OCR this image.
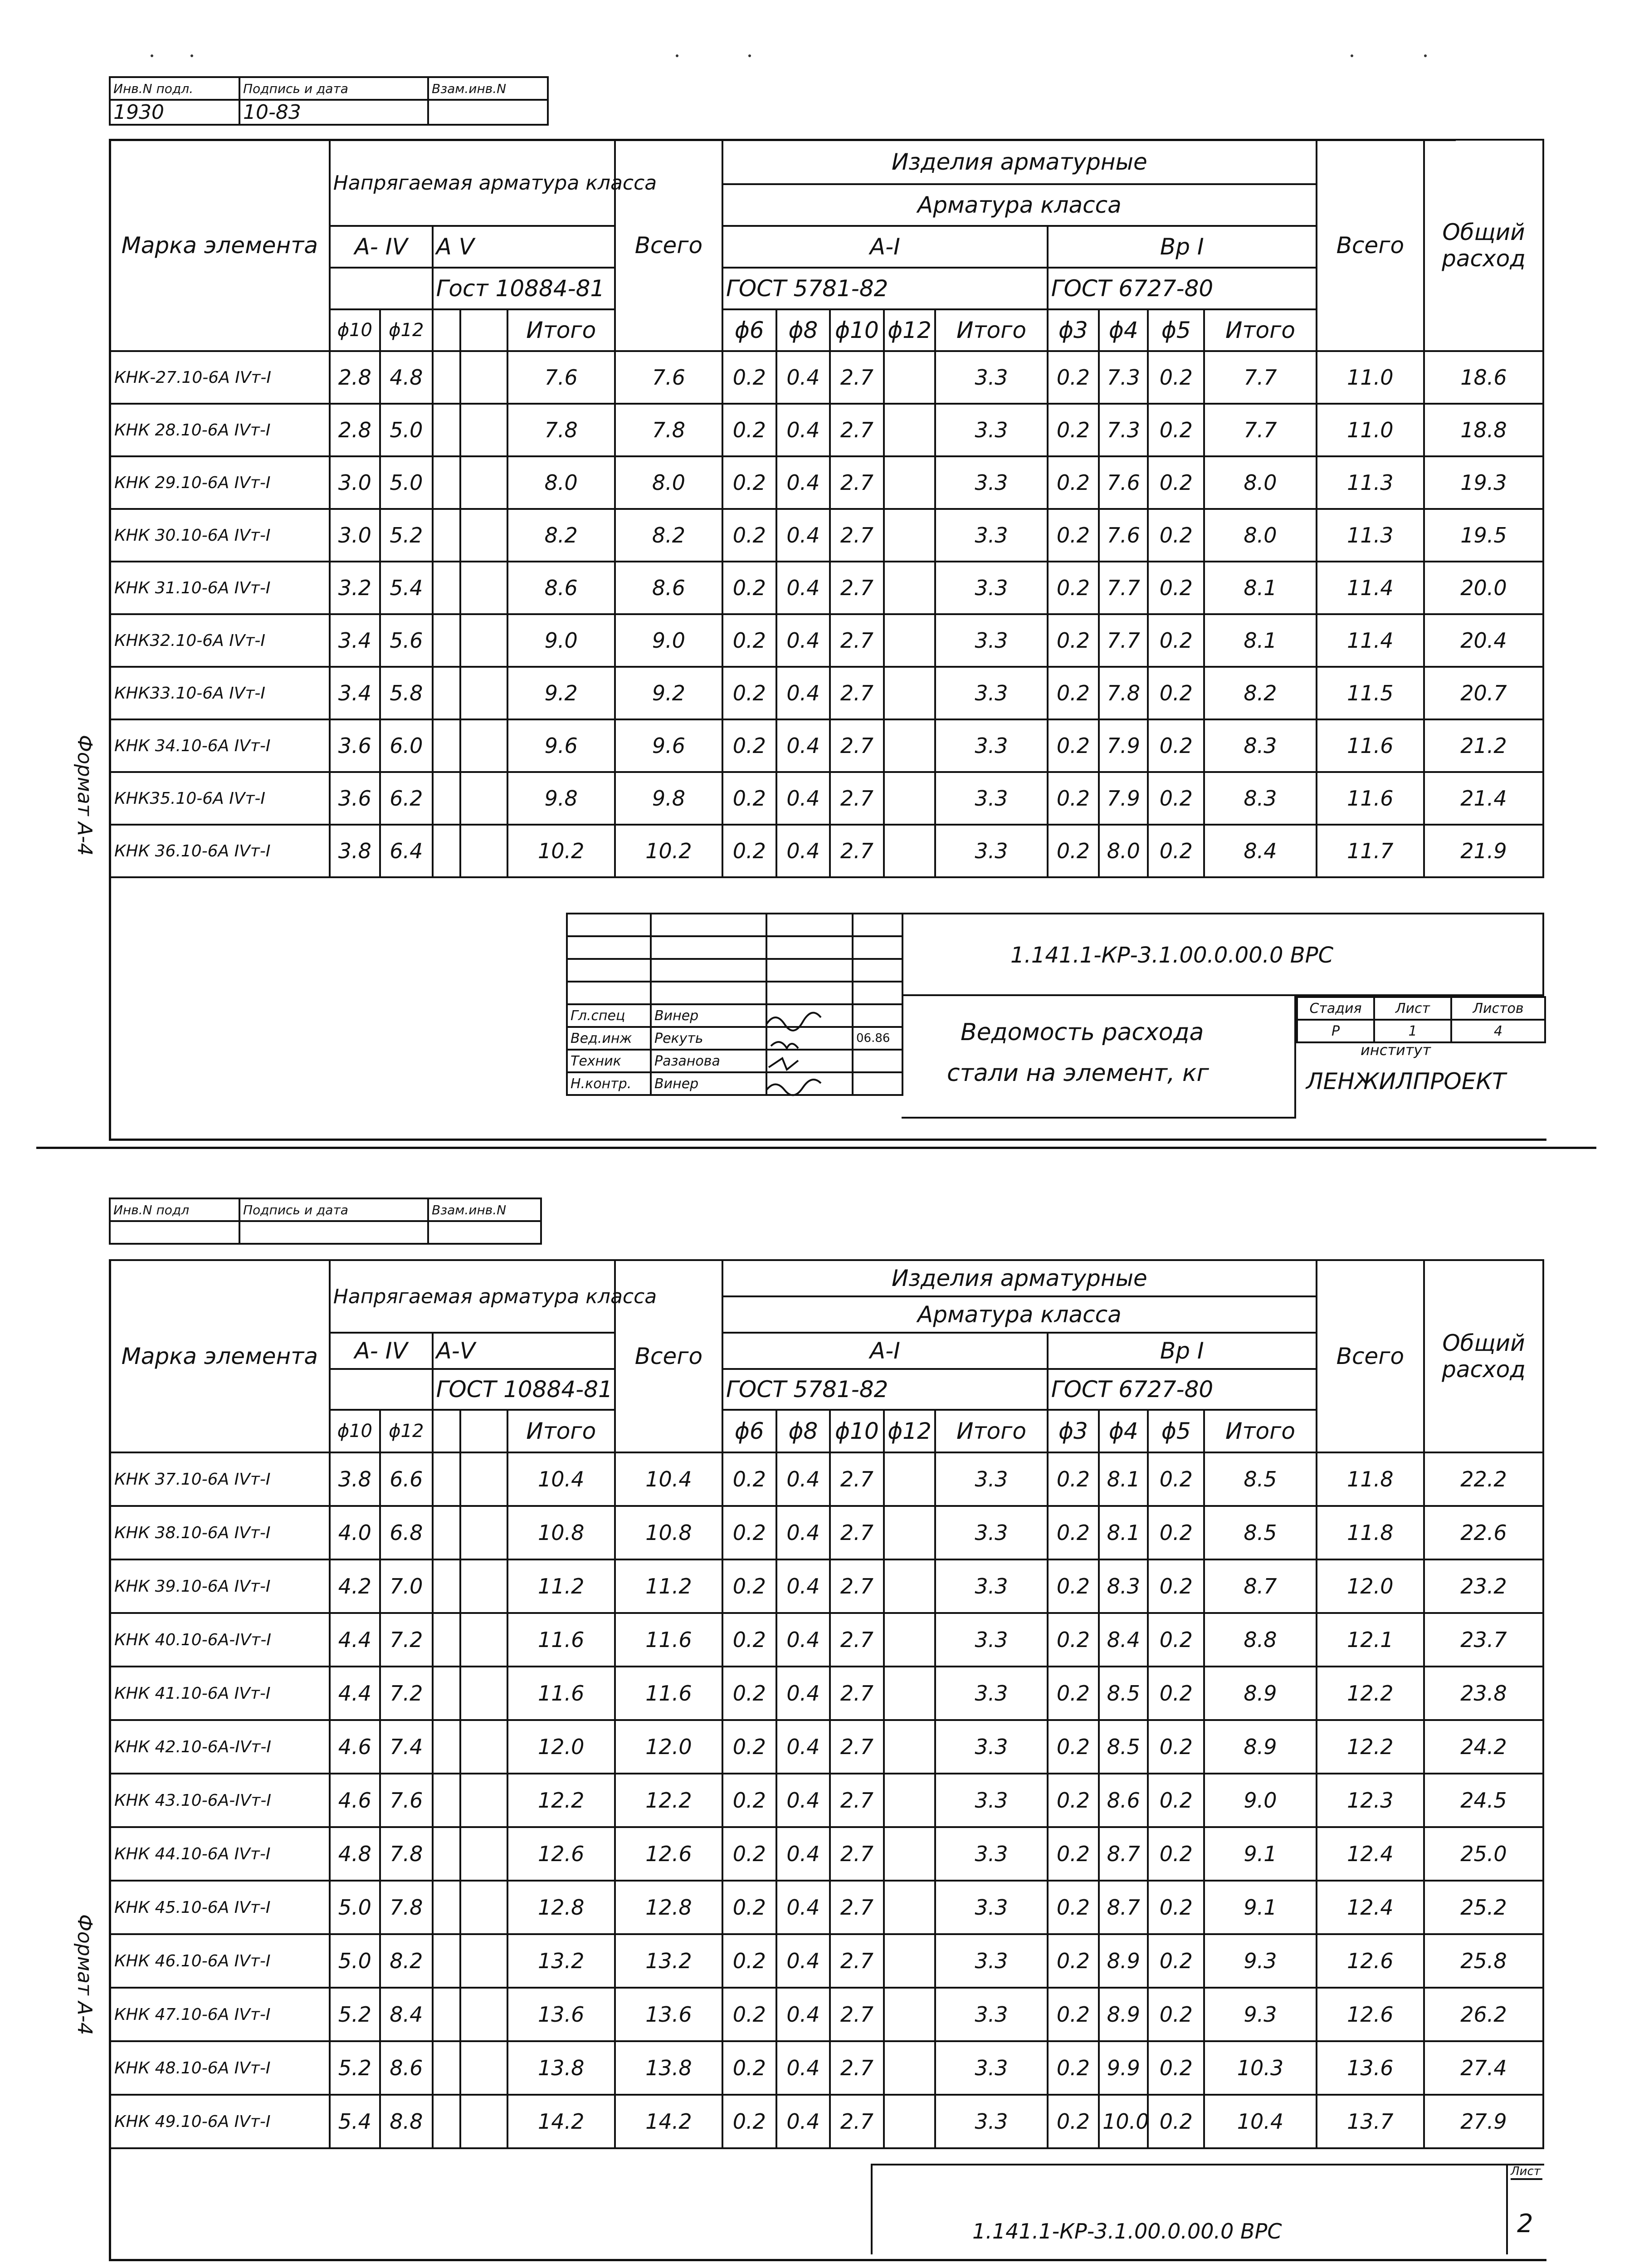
Инв.N подл.	Подпись и дата	Взам.инв.N
1930	10-83	
Марка элемента	Напрягаемая арматура класса					Всего	Изделия арматурные									Всего	Общий расход
							Арматура класса										
	А- IV		А V				А-I					Вр I					
			Гост 10884-81				ГОСТ 5781-82					ГОСТ 6727-80					
	ϕ10	ϕ12			Итого		ϕ6	ϕ8	ϕ10	ϕ12	Итого	ϕ3	ϕ4	ϕ5	Итого		
КНК-27.10-6А IVт-I	2.8	4.8			7.6	7.6	0.2	0.4	2.7		3.3	0.2	7.3	0.2	7.7	11.0	18.6
КНК 28.10-6А IVт-I	2.8	5.0			7.8	7.8	0.2	0.4	2.7		3.3	0.2	7.3	0.2	7.7	11.0	18.8
КНК 29.10-6А IVт-I	3.0	5.0			8.0	8.0	0.2	0.4	2.7		3.3	0.2	7.6	0.2	8.0	11.3	19.3
КНК 30.10-6А IVт-I	3.0	5.2			8.2	8.2	0.2	0.4	2.7		3.3	0.2	7.6	0.2	8.0	11.3	19.5
КНК 31.10-6А IVт-I	3.2	5.4			8.6	8.6	0.2	0.4	2.7		3.3	0.2	7.7	0.2	8.1	11.4	20.0
КНК32.10-6А IVт-I	3.4	5.6			9.0	9.0	0.2	0.4	2.7		3.3	0.2	7.7	0.2	8.1	11.4	20.4
КНК33.10-6А IVт-I	3.4	5.8			9.2	9.2	0.2	0.4	2.7		3.3	0.2	7.8	0.2	8.2	11.5	20.7
КНК 34.10-6А IVт-I	3.6	6.0			9.6	9.6	0.2	0.4	2.7		3.3	0.2	7.9	0.2	8.3	11.6	21.2
КНК35.10-6А IVт-I	3.6	6.2			9.8	9.8	0.2	0.4	2.7		3.3	0.2	7.9	0.2	8.3	11.6	21.4
КНК 36.10-6А IVт-I	3.8	6.4			10.2	10.2	0.2	0.4	2.7		3.3	0.2	8.0	0.2	8.4	11.7	21.9

Гл.спец	Винер		
Вед.инж	Рекуть		06.86
Техник	Разанова		
Н.контр.	Винер		
1.141.1-КР-3.1.00.0.00.0 ВРС
Ведомость расхода
стали на элемент, кг
Стадия	Лист	Листов
Р	1	4
институт
ЛЕНЖИЛПРОЕКТ
Формат А-4
Инв.N подл	Подпись и дата	Взам.инв.N

Марка элемента	Напрягаемая арматура класса					Всего	Изделия арматурные									Всего	Общий расход
							Арматура класса										
	А- IV		А-V				А-I					Вр I					
			ГОСТ 10884-81				ГОСТ 5781-82					ГОСТ 6727-80					
	ϕ10	ϕ12			Итого		ϕ6	ϕ8	ϕ10	ϕ12	Итого	ϕ3	ϕ4	ϕ5	Итого		
КНК 37.10-6А IVт-I	3.8	6.6			10.4	10.4	0.2	0.4	2.7		3.3	0.2	8.1	0.2	8.5	11.8	22.2
КНК 38.10-6А IVт-I	4.0	6.8			10.8	10.8	0.2	0.4	2.7		3.3	0.2	8.1	0.2	8.5	11.8	22.6
КНК 39.10-6А IVт-I	4.2	7.0			11.2	11.2	0.2	0.4	2.7		3.3	0.2	8.3	0.2	8.7	12.0	23.2
КНК 40.10-6А-IVт-I	4.4	7.2			11.6	11.6	0.2	0.4	2.7		3.3	0.2	8.4	0.2	8.8	12.1	23.7
КНК 41.10-6А IVт-I	4.4	7.2			11.6	11.6	0.2	0.4	2.7		3.3	0.2	8.5	0.2	8.9	12.2	23.8
КНК 42.10-6А-IVт-I	4.6	7.4			12.0	12.0	0.2	0.4	2.7		3.3	0.2	8.5	0.2	8.9	12.2	24.2
КНК 43.10-6А-IVт-I	4.6	7.6			12.2	12.2	0.2	0.4	2.7		3.3	0.2	8.6	0.2	9.0	12.3	24.5
КНК 44.10-6А IVт-I	4.8	7.8			12.6	12.6	0.2	0.4	2.7		3.3	0.2	8.7	0.2	9.1	12.4	25.0
КНК 45.10-6А IVт-I	5.0	7.8			12.8	12.8	0.2	0.4	2.7		3.3	0.2	8.7	0.2	9.1	12.4	25.2
КНК 46.10-6А IVт-I	5.0	8.2			13.2	13.2	0.2	0.4	2.7		3.3	0.2	8.9	0.2	9.3	12.6	25.8
КНК 47.10-6А IVт-I	5.2	8.4			13.6	13.6	0.2	0.4	2.7		3.3	0.2	8.9	0.2	9.3	12.6	26.2
КНК 48.10-6А IVт-I	5.2	8.6			13.8	13.8	0.2	0.4	2.7		3.3	0.2	9.9	0.2	10.3	13.6	27.4
КНК 49.10-6А IVт-I	5.4	8.8			14.2	14.2	0.2	0.4	2.7		3.3	0.2	10.0	0.2	10.4	13.7	27.9
1.141.1-КР-3.1.00.0.00.0 ВРС
Лист
2
Формат А-4
